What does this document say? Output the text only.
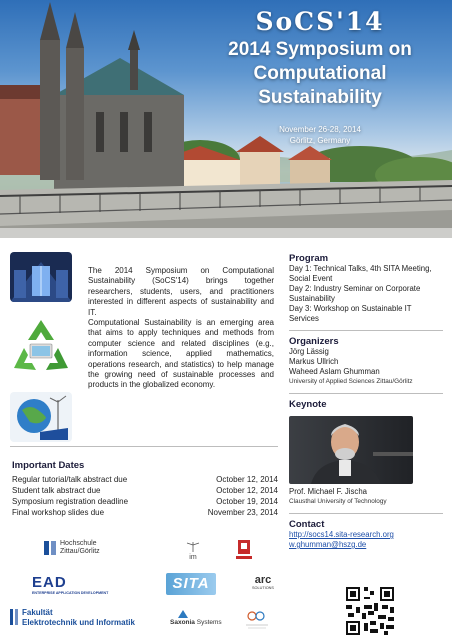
SoCS'14
2014 Symposium on
Computational Sustainability
November 26-28, 2014
Görlitz, Germany

The 2014 Symposium on Computational Sustainability (SoCS'14) brings together researchers, students, users, and practitioners interested in different aspects of sustainability and IT.

Computational Sustainability is an emerging area that aims to apply techniques and methods from computer science and related disciplines (e.g., information science, applied mathematics, operations research, and statistics) to help manage the growing need of sustainable processes and products in the globalized economy.

Important Dates
Regular tutorial/talk abstract due	October 12, 2014
Student talk abstract due	October 12, 2014
Symposium registration deadline	October 19, 2014
Final workshop slides due	November 23, 2014
Hochschule
Zittau/Görlitz
im
EAD
ENTERPRISE APPLICATION DEVELOPMENT
SITA	arc
SOLUTIONS
Fakultät
Elektrotechnik und Informatik	Saxonia Systems
Program
Day 1: Technical Talks, 4th SITA Meeting, Social Event
Day 2: Industry Seminar on Corporate Sustainability
Day 3: Workshop on Sustainable IT Services
Organizers
Jörg Lässig
Markus Ullrich
Waheed Aslam Ghumman
University of Applied Sciences Zittau/Görlitz
Keynote
Prof. Michael F. Jischa
Clausthal University of Technology
Contact
http://socs14.sita-research.org
w.ghumman@hszg.de
